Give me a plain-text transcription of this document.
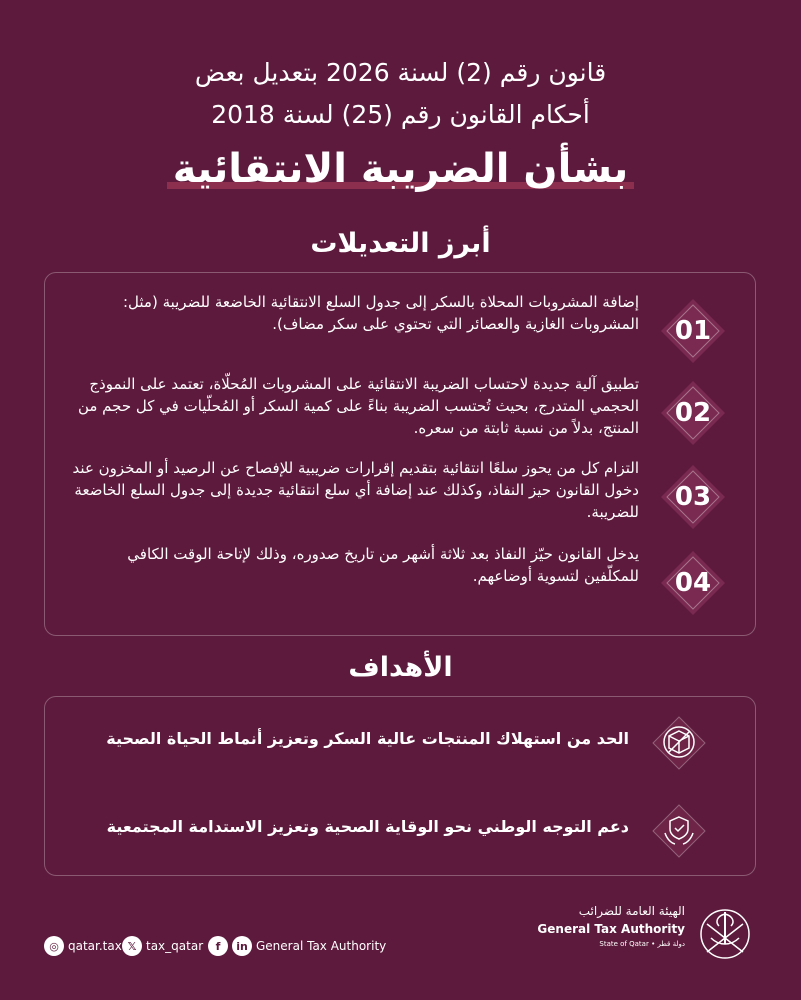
قانون رقم (2) لسنة 2026 بتعديل بعض
أحكام القانون رقم (25) لسنة 2018
بشأن الضريبة الانتقائية
أبرز التعديلات
01
إضافة المشروبات المحلاة بالسكر إلى جدول السلع الانتقائية الخاضعة للضريبة (مثل: المشروبات الغازية والعصائر التي تحتوي على سكر مضاف).
02
تطبيق آلية جديدة لاحتساب الضريبة الانتقائية على المشروبات المُحلّاة، تعتمد على النموذج الحجمي المتدرج، بحيث تُحتسب الضريبة بناءً على كمية السكر أو المُحلّيات في كل حجم من المنتج، بدلاً من نسبة ثابتة من سعره.
03
التزام كل من يحوز سلعًا انتقائية بتقديم إقرارات ضريبية للإفصاح عن الرصيد أو المخزون عند دخول القانون حيز النفاذ، وكذلك عند إضافة أي سلع انتقائية جديدة إلى جدول السلع الخاضعة للضريبة.
04
يدخل القانون حيّز النفاذ بعد ثلاثة أشهر من تاريخ صدوره، وذلك لإتاحة الوقت الكافي للمكلّفين لتسوية أوضاعهم.
الأهداف
الحد من استهلاك المنتجات عالية السكر وتعزيز أنماط الحياة الصحية
دعم التوجه الوطني نحو الوقاية الصحية وتعزيز الاستدامة المجتمعية
الهيئة العامة للضرائب
General Tax Authority
State of Qatar • دولة قطر
◎ qatar.tax 𝕏 tax_qatar	f	in General Tax Authority
